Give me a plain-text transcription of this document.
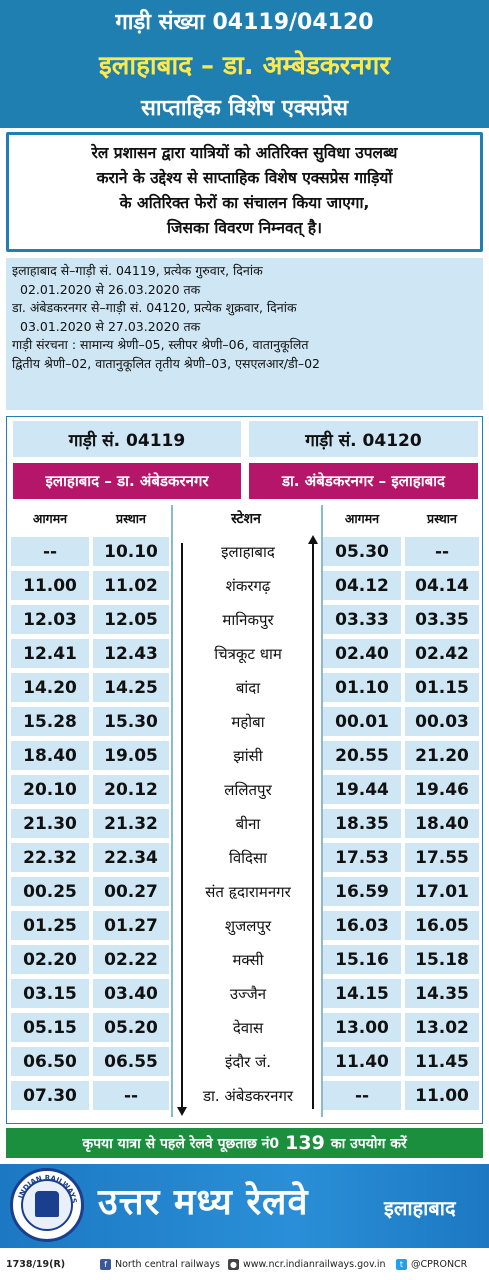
गाड़ी संख्या 04119/04120
इलाहाबाद – डा. अम्बेडकरनगर
साप्ताहिक विशेष एक्सप्रेस
रेल प्रशासन द्वारा यात्रियों को अतिरिक्त सुविधा उपलब्ध
कराने के उद्देश्य से साप्ताहिक विशेष एक्सप्रेस गाड़ियों
के अतिरिक्त फेरों का संचालन किया जाएगा,
जिसका विवरण निम्नवत् है।
इलाहाबाद से–गाड़ी सं. 04119, प्रत्येक गुरुवार, दिनांक
02.01.2020 से 26.03.2020 तक
डा. अंबेडकरनगर से–गाड़ी सं. 04120, प्रत्येक शुक्रवार, दिनांक
03.01.2020 से 27.03.2020 तक
गाड़ी संरचना : सामान्य श्रेणी–05, स्लीपर श्रेणी–06, वातानुकूलित
द्वितीय श्रेणी–02, वातानुकूलित तृतीय श्रेणी–03, एसएलआर/डी–02
गाड़ी सं. 04119	गाड़ी सं. 04120
इलाहाबाद – डा. अंबेडकरनगर	डा. अंबेडकरनगर – इलाहाबाद
आगमन	प्रस्थान	स्टेशन	आगमन	प्रस्थान
--	10.10	इलाहाबाद	05.30	--
11.00	11.02	शंकरगढ़	04.12	04.14
12.03	12.05	मानिकपुर	03.33	03.35
12.41	12.43	चित्रकूट धाम	02.40	02.42
14.20	14.25	बांदा	01.10	01.15
15.28	15.30	महोबा	00.01	00.03
18.40	19.05	झांसी	20.55	21.20
20.10	20.12	ललितपुर	19.44	19.46
21.30	21.32	बीना	18.35	18.40
22.32	22.34	विदिसा	17.53	17.55
00.25	00.27	संत हृदारामनगर	16.59	17.01
01.25	01.27	शुजलपुर	16.03	16.05
02.20	02.22	मक्सी	15.16	15.18
03.15	03.40	उज्जैन	14.15	14.35
05.15	05.20	देवास	13.00	13.02
06.50	06.55	इंदौर जं.	11.40	11.45
07.30	--	डा. अंबेडकरनगर	--	11.00
कृपया यात्रा से पहले रेलवे पूछताछ नं0 139 का उपयोग करें
INDIAN RAILWAYS उत्तर मध्य रेलवे	इलाहाबाद
1738/19(R)	f North central railways ● www.ncr.indianrailways.gov.in	t @CPRONCR
